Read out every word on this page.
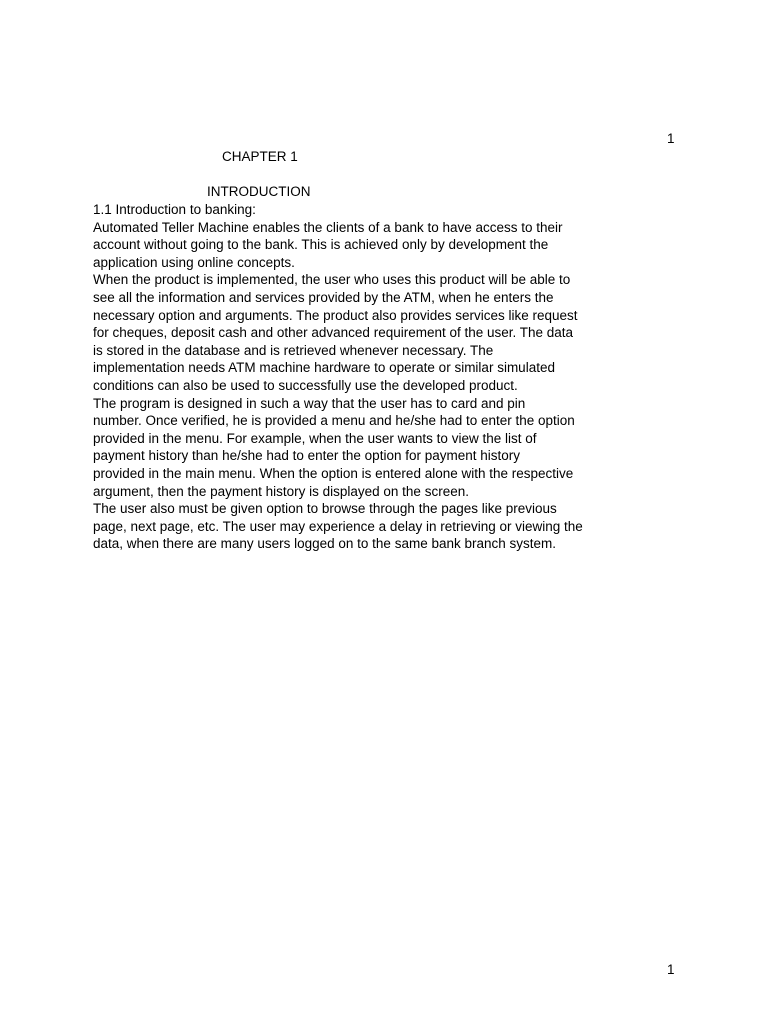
1
CHAPTER 1
INTRODUCTION
1.1 Introduction to banking:
Automated Teller Machine enables the clients of a bank to have access to their
account without going to the bank. This is achieved only by development the
application using online concepts.
When the product is implemented, the user who uses this product will be able to
see all the information and services provided by the ATM, when he enters the
necessary option and arguments. The product also provides services like request
for cheques, deposit cash and other advanced requirement of the user. The data
is stored in the database and is retrieved whenever necessary. The
implementation needs ATM machine hardware to operate or similar simulated
conditions can also be used to successfully use the developed product.
The program is designed in such a way that the user has to card and pin
number. Once verified, he is provided a menu and he/she had to enter the option
provided in the menu. For example, when the user wants to view the list of
payment history than he/she had to enter the option for payment history
provided in the main menu. When the option is entered alone with the respective
argument, then the payment history is displayed on the screen.
The user also must be given option to browse through the pages like previous
page, next page, etc. The user may experience a delay in retrieving or viewing the
data, when there are many users logged on to the same bank branch system.
1
